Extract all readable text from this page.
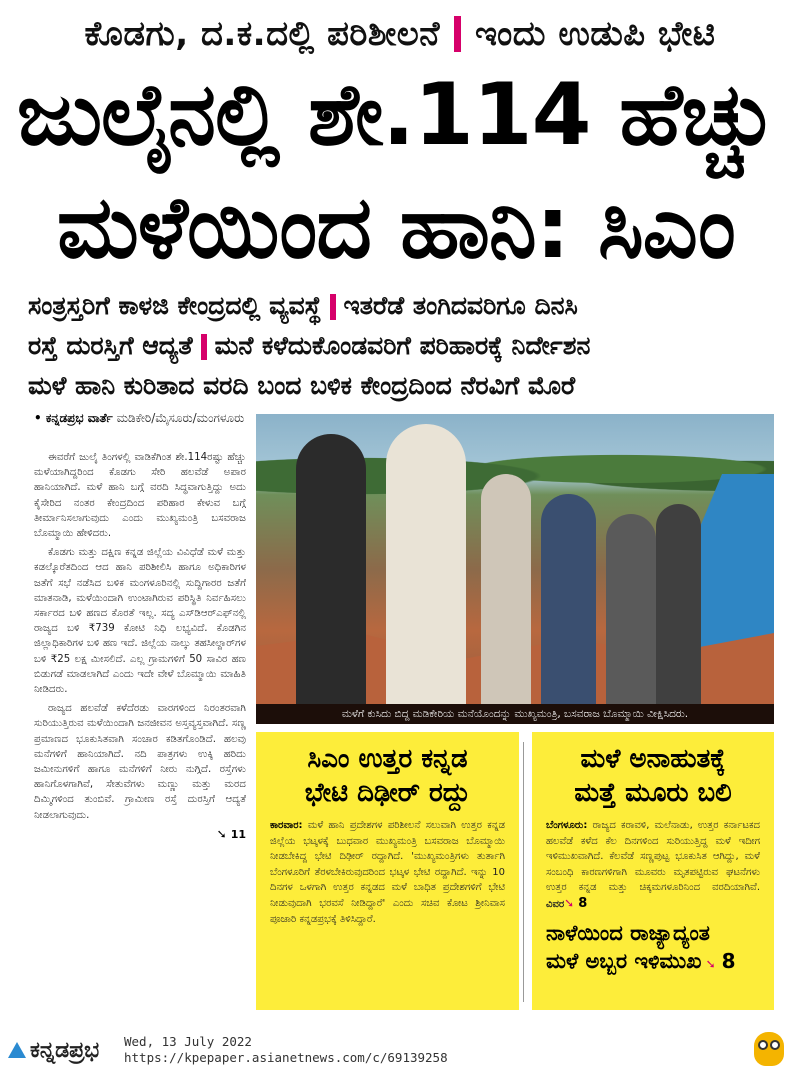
ಕೊಡಗು, ದ.ಕ.ದಲ್ಲಿ ಪರಿಶೀಲನೆ ಇಂದು ಉಡುಪಿ ಭೇಟಿ
ಜುಲೈನಲ್ಲಿ ಶೇ.114 ಹೆಚ್ಚು
ಮಳೆಯಿಂದ ಹಾನಿ: ಸಿಎಂ
ಸಂತ್ರಸ್ತರಿಗೆ ಕಾಳಜಿ ಕೇಂದ್ರದಲ್ಲಿ ವ್ಯವಸ್ಥೆ ಇತರೆಡೆ ತಂಗಿದವರಿಗೂ ದಿನಸಿ
ರಸ್ತೆ ದುರಸ್ತಿಗೆ ಆದ್ಯತೆ ಮನೆ ಕಳೆದುಕೊಂಡವರಿಗೆ ಪರಿಹಾರಕ್ಕೆ ನಿರ್ದೇಶನ
ಮಳೆ ಹಾನಿ ಕುರಿತಾದ ವರದಿ ಬಂದ ಬಳಿಕ ಕೇಂದ್ರದಿಂದ ನೆರವಿಗೆ ಮೊರೆ
• ಕನ್ನಡಪ್ರಭ ವಾರ್ತೆ ಮಡಿಕೇರಿ/ಮೈಸೂರು/ಮಂಗಳೂರು

ಈವರೆಗೆ ಜುಲೈ ತಿಂಗಳಲ್ಲಿ ವಾಡಿಕೆಗಿಂತ ಶೇ.114ರಷ್ಟು ಹೆಚ್ಚು ಮಳೆಯಾಗಿದ್ದರಿಂದ ಕೊಡಗು ಸೇರಿ ಹಲವೆಡೆ ಅಪಾರ ಹಾನಿಯಾಗಿದೆ. ಮಳೆ ಹಾನಿ ಬಗ್ಗೆ ವರದಿ ಸಿದ್ಧವಾಗುತ್ತಿದ್ದು ಅದು ಕೈಸೇರಿದ ನಂತರ ಕೇಂದ್ರದಿಂದ ಪರಿಹಾರ ಕೇಳುವ ಬಗ್ಗೆ ತೀರ್ಮಾನಿಸಲಾಗುವುದು ಎಂದು ಮುಖ್ಯಮಂತ್ರಿ ಬಸವರಾಜ ಬೊಮ್ಮಾಯಿ ಹೇಳಿದರು.

ಕೊಡಗು ಮತ್ತು ದಕ್ಷಿಣ ಕನ್ನಡ ಜಿಲ್ಲೆಯ ವಿವಿಧೆಡೆ ಮಳೆ ಮತ್ತು ಕಡಲ್ಕೊರೆತದಿಂದ ಆದ ಹಾನಿ ಪರಿಶೀಲಿಸಿ ಹಾಗೂ ಅಧಿಕಾರಿಗಳ ಜತೆಗೆ ಸಭೆ ನಡೆಸಿದ ಬಳಿಕ ಮಂಗಳೂರಿನಲ್ಲಿ ಸುದ್ದಿಗಾರರ ಜತೆಗೆ ಮಾತನಾಡಿ, ಮಳೆಯಿಂದಾಗಿ ಉಂಟಾಗಿರುವ ಪರಿಸ್ಥಿತಿ ನಿರ್ವಹಿಸಲು ಸರ್ಕಾರದ ಬಳಿ ಹಣದ ಕೊರತೆ ಇಲ್ಲ. ಸದ್ಯ ಎಸ್‌ಡಿಆರ್‌ಎಫ್‌ನಲ್ಲಿ ರಾಜ್ಯದ ಬಳಿ ₹739 ಕೋಟಿ ನಿಧಿ ಲಭ್ಯವಿದೆ. ಕೊಡಗಿನ ಜಿಲ್ಲಾಧಿಕಾರಿಗಳ ಬಳಿ ಹಣ ಇದೆ. ಜಿಲ್ಲೆಯ ನಾಲ್ಕು ತಹಸೀಲ್ದಾರ್‌ಗಳ ಬಳಿ ₹25 ಲಕ್ಷ ಮೀಸಲಿದೆ. ಎಲ್ಲ ಗ್ರಾಮಗಳಿಗೆ 50 ಸಾವಿರ ಹಣ ಬಿಡುಗಡೆ ಮಾಡಲಾಗಿದೆ ಎಂದು ಇದೇ ವೇಳೆ ಬೊಮ್ಮಾಯಿ ಮಾಹಿತಿ ನೀಡಿದರು.

ರಾಜ್ಯದ ಹಲವೆಡೆ ಕಳೆದೆರಡು ವಾರಗಳಿಂದ ನಿರಂತರವಾಗಿ ಸುರಿಯುತ್ತಿರುವ ಮಳೆಯಿಂದಾಗಿ ಜನಜೀವನ ಅಸ್ತವ್ಯಸ್ತವಾಗಿದೆ. ಸಣ್ಣ ಪ್ರಮಾಣದ ಭೂಕುಸಿತವಾಗಿ ಸಂಚಾರ ಕಡಿತಗೊಂಡಿದೆ. ಹಲವು ಮನೆಗಳಿಗೆ ಹಾನಿಯಾಗಿದೆ. ನದಿ ಪಾತ್ರಗಳು ಉಕ್ಕಿ ಹರಿದು ಜಮೀನುಗಳಿಗೆ ಹಾಗೂ ಮನೆಗಳಿಗೆ ನೀರು ನುಗ್ಗಿದೆ. ರಸ್ತೆಗಳು ಹಾನಿಗೊಳಗಾಗಿವೆ, ಸೇತುವೆಗಳು ಮಣ್ಣು ಮತ್ತು ಮರದ ದಿಮ್ಮಿಗಳಿಂದ ತುಂಬಿವೆ. ಗ್ರಾಮೀಣ ರಸ್ತೆ ದುರಸ್ತಿಗೆ ಆದ್ಯತೆ ನೀಡಲಾಗುವುದು.

➘ 11
ಮಳೆಗೆ ಕುಸಿದು ಬಿದ್ದ ಮಡಿಕೇರಿಯ ಮನೆಯೊಂದನ್ನು ಮುಖ್ಯಮಂತ್ರಿ, ಬಸವರಾಜ ಬೊಮ್ಮಾಯಿ ವೀಕ್ಷಿಸಿದರು.
ಸಿಎಂ ಉತ್ತರ ಕನ್ನಡ
ಭೇಟಿ ದಿಢೀರ್ ರದ್ದು
ಕಾರವಾರ: ಮಳೆ ಹಾನಿ ಪ್ರದೇಶಗಳ ಪರಿಶೀಲನೆ ಸಲುವಾಗಿ ಉತ್ತರ ಕನ್ನಡ ಜಿಲ್ಲೆಯ ಭಟ್ಕಳಕ್ಕೆ ಬುಧವಾರ ಮುಖ್ಯಮಂತ್ರಿ ಬಸವರಾಜ ಬೊಮ್ಮಾಯಿ ನೀಡಬೇಕಿದ್ದ ಭೇಟಿ ದಿಢೀರ್ ರದ್ದಾಗಿದೆ. 'ಮುಖ್ಯಮಂತ್ರಿಗಳು ತುರ್ತಾಗಿ ಬೆಂಗಳೂರಿಗೆ ತೆರಳಬೇಕಿರುವುದರಿಂದ ಭಟ್ಕಳ ಭೇಟಿ ರದ್ದಾಗಿದೆ. ಇನ್ನು 10 ದಿನಗಳ ಒಳಗಾಗಿ ಉತ್ತರ ಕನ್ನಡದ ಮಳೆ ಬಾಧಿತ ಪ್ರದೇಶಗಳಿಗೆ ಭೇಟಿ ನೀಡುವುದಾಗಿ ಭರವಸೆ ನೀಡಿದ್ದಾರೆ' ಎಂದು ಸಚಿವ ಕೋಟ ಶ್ರೀನಿವಾಸ ಪೂಜಾರಿ ಕನ್ನಡಪ್ರಭಕ್ಕೆ ತಿಳಿಸಿದ್ದಾರೆ.
ಮಳೆ ಅನಾಹುತಕ್ಕೆ
ಮತ್ತೆ ಮೂರು ಬಲಿ
ಬೆಂಗಳೂರು: ರಾಜ್ಯದ ಕರಾವಳಿ, ಮಲೆನಾಡು, ಉತ್ತರ ಕರ್ನಾಟಕದ ಹಲವೆಡೆ ಕಳೆದ ಕೆಲ ದಿನಗಳಿಂದ ಸುರಿಯುತ್ತಿದ್ದ ಮಳೆ ಇದೀಗ ಇಳಿಮುಖವಾಗಿದೆ. ಕೆಲವೆಡೆ ಸಣ್ಣಪುಟ್ಟ ಭೂಕುಸಿತ ಆಗಿದ್ದು, ಮಳೆ ಸಂಬಂಧಿ ಕಾರಣಗಳಿಗಾಗಿ ಮೂವರು ಮೃತಪಟ್ಟಿರುವ ಘಟನೆಗಳು ಉತ್ತರ ಕನ್ನಡ ಮತ್ತು ಚಿಕ್ಕಮಗಳೂರಿನಿಂದ ವರದಿಯಾಗಿವೆ. ವಿವರ➘ 8
ನಾಳೆಯಿಂದ ರಾಜ್ಯಾದ್ಯಂತ
ಮಳೆ ಅಬ್ಬರ ಇಳಿಮುಖ ➘ 8
ಕನ್ನಡಪ್ರಭ Wed, 13 July 2022
https://kpepaper.asianetnews.com/c/69139258
